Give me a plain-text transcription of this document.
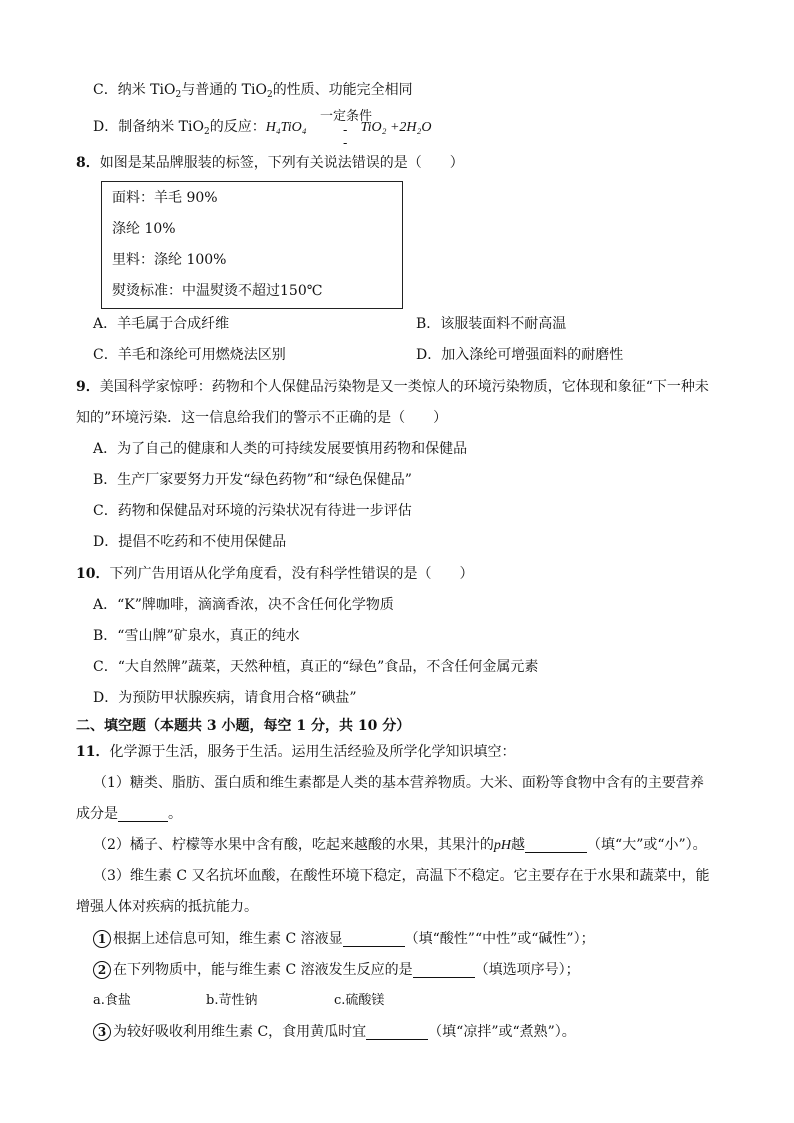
C．纳米 TiO$_2$与普通的 TiO$_2$的性质、功能完全相同
D．制备纳米 TiO$_2$的反应：H₄TiO₄	TiO₂ +2H₂O
一定条件
-
-
8．如图是某品牌服装的标签，下列有关说法错误的是（　　）
面料：羊毛 90%
涤纶 10%
里料：涤纶 100%
熨烫标准：中温熨烫不超过150℃
A．羊毛属于合成纤维	B．该服装面料不耐高温
C．羊毛和涤纶可用燃烧法区别	D．加入涤纶可增强面料的耐磨性
9．美国科学家惊呼：药物和个人保健品污染物是又一类惊人的环境污染物质，它体现和象征“下一种未
知的”环境污染．这一信息给我们的警示不正确的是（　　）
A．为了自己的健康和人类的可持续发展要慎用药物和保健品
B．生产厂家要努力开发“绿色药物”和“绿色保健品”
C．药物和保健品对环境的污染状况有待进一步评估
D．提倡不吃药和不使用保健品
10．下列广告用语从化学角度看，没有科学性错误的是（　　）
A．“K”牌咖啡，滴滴香浓，决不含任何化学物质
B．“雪山牌”矿泉水，真正的纯水
C．“大自然牌”蔬菜，天然种植，真正的“绿色”食品，不含任何金属元素
D．为预防甲状腺疾病，请食用合格“碘盐”
二、填空题（本题共 3 小题，每空 1 分，共 10 分）
11．化学源于生活，服务于生活。运用生活经验及所学化学知识填空：
（1）糖类、脂肪、蛋白质和维生素都是人类的基本营养物质。大米、面粉等食物中含有的主要营养
成分是	。
（2）橘子、柠檬等水果中含有酸，吃起来越酸的水果，其果汁的pH越	（填“大”或“小”）。
（3）维生素 C 又名抗坏血酸，在酸性环境下稳定，高温下不稳定。它主要存在于水果和蔬菜中，能
增强人体对疾病的抵抗能力。
1 根据上述信息可知，维生素 C 溶液显	（填“酸性”“中性”或“碱性”）；
2 在下列物质中，能与维生素 C 溶液发生反应的是	（填选项序号）；
a.食盐	b.苛性钠	c.硫酸镁
3 为较好吸收利用维生素 C，食用黄瓜时宜	（填“凉拌”或“煮熟”）。
